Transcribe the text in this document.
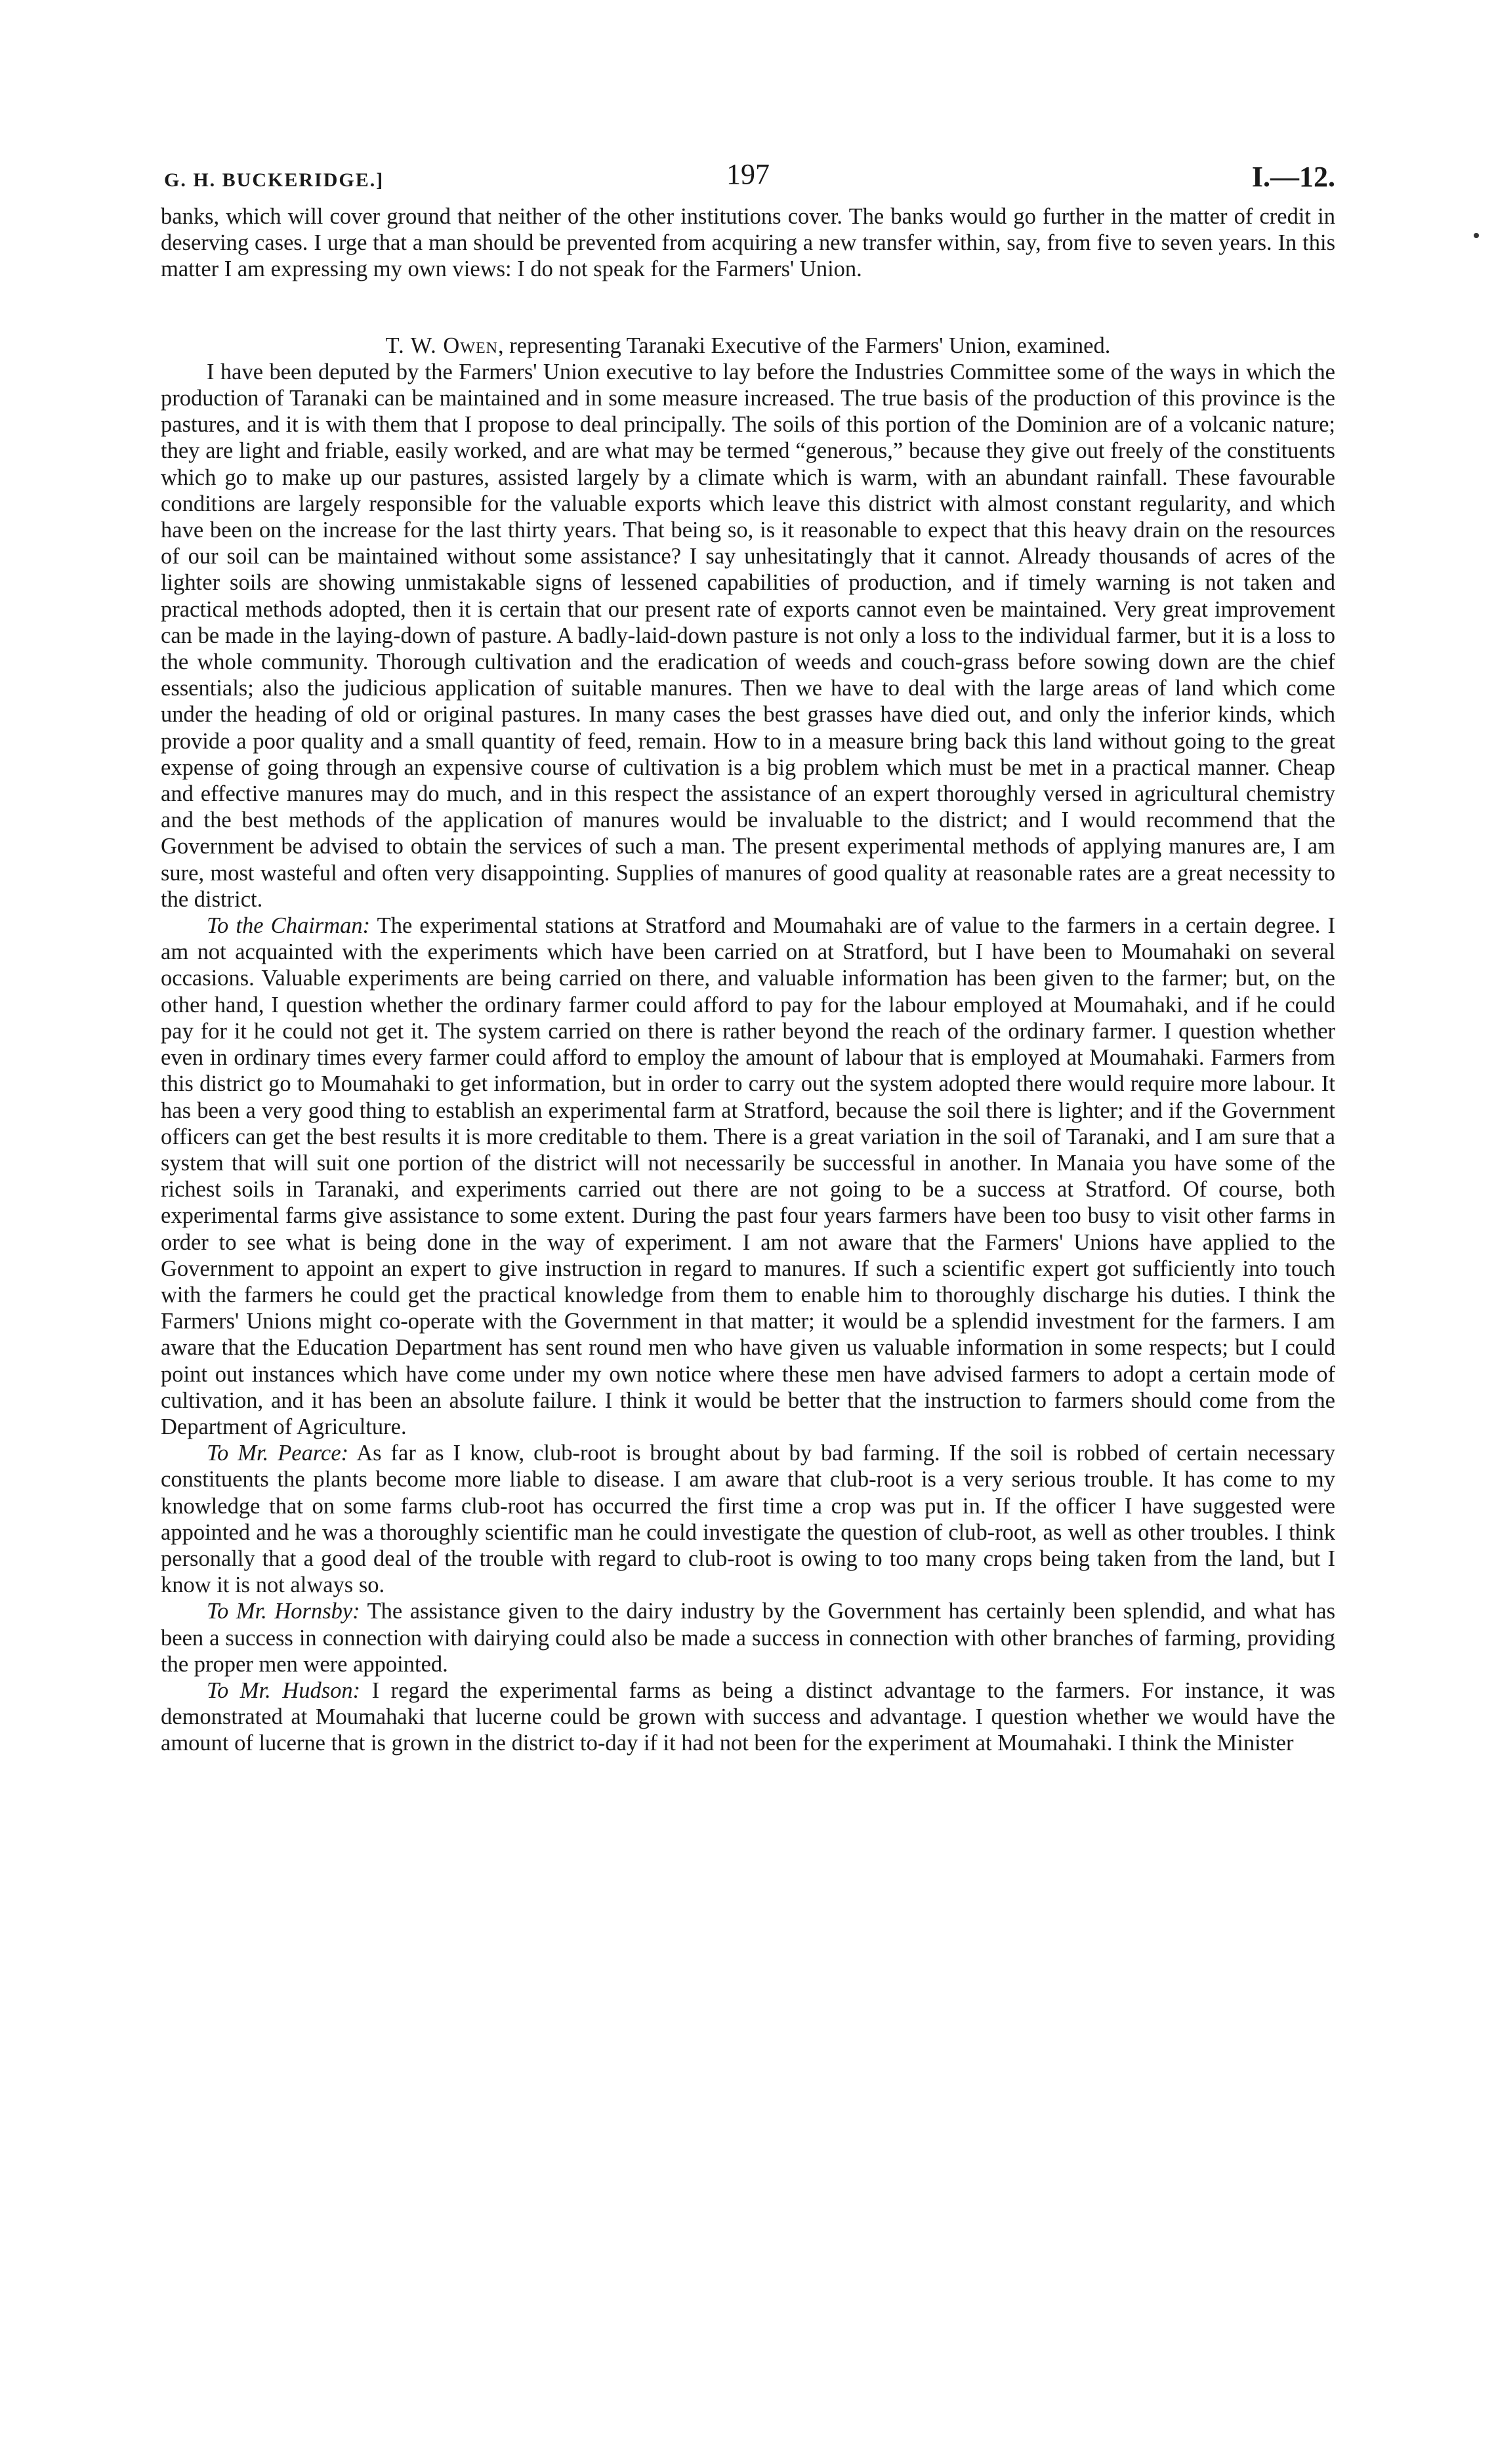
G. H. BUCKERIDGE.]	197	I.—12.

banks, which will cover ground that neither of the other institutions cover. The banks would go further in the matter of credit in deserving cases. I urge that a man should be prevented from acquiring a new transfer within, say, from five to seven years. In this matter I am expressing my own views: I do not speak for the Farmers' Union.

T. W. Owen, representing Taranaki Executive of the Farmers' Union, examined.

I have been deputed by the Farmers' Union executive to lay before the Industries Committee some of the ways in which the production of Taranaki can be maintained and in some measure increased. The true basis of the production of this province is the pastures, and it is with them that I propose to deal principally. The soils of this portion of the Dominion are of a volcanic nature; they are light and friable, easily worked, and are what may be termed “generous,” because they give out freely of the constituents which go to make up our pastures, assisted largely by a climate which is warm, with an abundant rainfall. These favourable conditions are largely responsible for the valuable exports which leave this district with almost constant regularity, and which have been on the increase for the last thirty years. That being so, is it reasonable to expect that this heavy drain on the resources of our soil can be maintained without some assistance? I say unhesitatingly that it cannot. Already thousands of acres of the lighter soils are showing unmistakable signs of lessened capabilities of production, and if timely warning is not taken and practical methods adopted, then it is certain that our present rate of exports cannot even be maintained. Very great improvement can be made in the laying-down of pasture. A badly-laid-down pasture is not only a loss to the individual farmer, but it is a loss to the whole community. Thorough cultivation and the eradication of weeds and couch-grass before sowing down are the chief essentials; also the judicious application of suitable manures. Then we have to deal with the large areas of land which come under the heading of old or original pastures. In many cases the best grasses have died out, and only the inferior kinds, which provide a poor quality and a small quantity of feed, remain. How to in a measure bring back this land without going to the great expense of going through an expensive course of cultivation is a big problem which must be met in a practical manner. Cheap and effective manures may do much, and in this respect the assistance of an expert thoroughly versed in agricultural chemistry and the best methods of the application of manures would be invaluable to the district; and I would recommend that the Government be advised to obtain the services of such a man. The present experimental methods of applying manures are, I am sure, most wasteful and often very disappointing. Supplies of manures of good quality at reasonable rates are a great necessity to the district.

To the Chairman: The experimental stations at Stratford and Moumahaki are of value to the farmers in a certain degree. I am not acquainted with the experiments which have been carried on at Stratford, but I have been to Moumahaki on several occasions. Valuable experiments are being carried on there, and valuable information has been given to the farmer; but, on the other hand, I question whether the ordinary farmer could afford to pay for the labour employed at Moumahaki, and if he could pay for it he could not get it. The system carried on there is rather beyond the reach of the ordinary farmer. I question whether even in ordinary times every farmer could afford to employ the amount of labour that is employed at Moumahaki. Farmers from this district go to Moumahaki to get information, but in order to carry out the system adopted there would require more labour. It has been a very good thing to establish an experimental farm at Stratford, because the soil there is lighter; and if the Government officers can get the best results it is more creditable to them. There is a great variation in the soil of Taranaki, and I am sure that a system that will suit one portion of the district will not necessarily be successful in another. In Manaia you have some of the richest soils in Taranaki, and experiments carried out there are not going to be a success at Stratford. Of course, both experimental farms give assistance to some extent. During the past four years farmers have been too busy to visit other farms in order to see what is being done in the way of experiment. I am not aware that the Farmers' Unions have applied to the Government to appoint an expert to give instruction in regard to manures. If such a scientific expert got sufficiently into touch with the farmers he could get the practical knowledge from them to enable him to thoroughly discharge his duties. I think the Farmers' Unions might co-operate with the Government in that matter; it would be a splendid investment for the farmers. I am aware that the Education Department has sent round men who have given us valuable information in some respects; but I could point out instances which have come under my own notice where these men have advised farmers to adopt a certain mode of cultivation, and it has been an absolute failure. I think it would be better that the instruction to farmers should come from the Department of Agriculture.

To Mr. Pearce: As far as I know, club-root is brought about by bad farming. If the soil is robbed of certain necessary constituents the plants become more liable to disease. I am aware that club-root is a very serious trouble. It has come to my knowledge that on some farms club-root has occurred the first time a crop was put in. If the officer I have suggested were appointed and he was a thoroughly scientific man he could investigate the question of club-root, as well as other troubles. I think personally that a good deal of the trouble with regard to club-root is owing to too many crops being taken from the land, but I know it is not always so.

To Mr. Hornsby: The assistance given to the dairy industry by the Government has certainly been splendid, and what has been a success in connection with dairying could also be made a success in connection with other branches of farming, providing the proper men were appointed.

To Mr. Hudson: I regard the experimental farms as being a distinct advantage to the farmers. For instance, it was demonstrated at Moumahaki that lucerne could be grown with success and advantage. I question whether we would have the amount of lucerne that is grown in the district to-day if it had not been for the experiment at Moumahaki. I think the Minister
